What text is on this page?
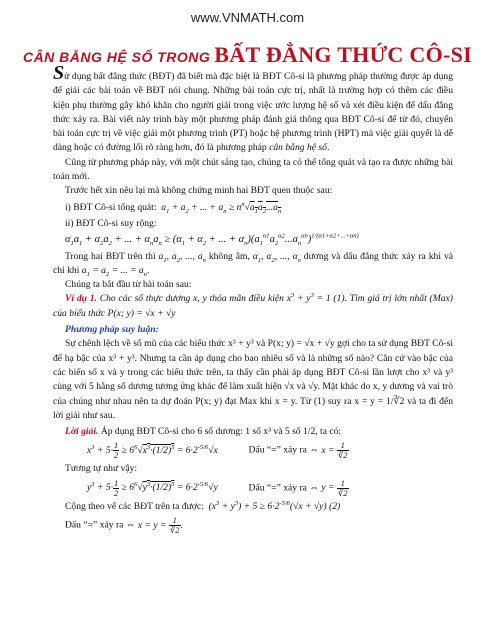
www.VNMATH.com
CÂN BẰNG HỆ SỐ TRONG BẤT ĐẲNG THỨC CÔ-SI

Sử dụng bất đẳng thức (BĐT) đã biết mà đặc biệt là BĐT Cô-si là phương pháp thường được áp dụng để giải các bài toán về BĐT nói chung. Những bài toán cực trị, nhất là trường hợp có thêm các điều kiện phụ thường gây khó khăn cho người giải trong việc ước lượng hệ số và xét điều kiện để dấu đẳng thức xảy ra. Bài viết này trình bày một phương pháp đánh giá thông qua BĐT Cô-si để từ đó, chuyển bài toán cực trị về việc giải một phương trình (PT) hoặc hệ phương trình (HPT) mà việc giải quyết là dễ dàng hoặc có đường lối rõ ràng hơn, đó là phương pháp cân bằng hệ số.

Cũng từ phương pháp này, với một chút sáng tạo, chúng ta có thể tổng quát và tạo ra được những bài toán mới.

Trước hết xin nêu lại mà không chứng minh hai BĐT quen thuộc sau:

i) BĐT Cô-si tổng quát:  $a_1 + a_2$ + ... + $a_n \ge n^n√a_1a_2...a_n$
ii) BĐT Cô-si suy rộng:
$\alpha_1a_1 + \alpha_2a_2$ + ... + $\alpha_na_n \ge (\alpha_1 + \alpha_2$ + ... + $\alpha_n)(a_1^{\alpha 1}a_2^{\alpha 2}...a_n^{\alpha n})^{1/(\alpha 1+\alpha 2+...+\alpha n)}$

Trong hai BĐT trên thì $a_1$, $a_2$, ..., $a_n$ không âm, $\alpha_1$, $\alpha_2$, ..., $\alpha_n$ dương và dấu đẳng thức xảy ra khi và chỉ khi $a_1 = a_2$ = ... = $a_n$.

Chúng ta bắt đầu từ bài toán sau:

Ví dụ 1. Cho các số thực dương x, y thỏa mãn điều kiện $x^3 + y^3 = 1$ (1). Tìm giá trị lớn nhất (Max) của biểu thức P(x; y) = √x + √y

Phương pháp suy luận:

Sự chênh lệch về số mũ của các biểu thức x³ + y³ và P(x; y) = √x + √y gợi cho ta sử dụng BĐT Cô-si để hạ bậc của x³ + y³. Nhưng ta cần áp dụng cho bao nhiêu số và là những số nào? Căn cứ vào bậc của các biến số x và y trong các biểu thức trên, ta thấy cần phải áp dụng BĐT Cô-si lần lượt cho x³ và y³ cùng với 5 hằng số dương tương ứng khác để làm xuất hiện √x và √y. Mặt khác do x, y dương và vai trò của chúng như nhau nên ta dự đoán P(x; y) đạt Max khi x = y. Từ (1) suy ra x = y = 1/∛2 và ta đi đến lời giải như sau.

Lời giải. Áp dụng BĐT Cô-si cho 6 số dương: 1 số x³ và 5 số 1/2, ta có:

$x^3 + 5\cdot \frac{1}{2} \ge 6^6√x^3\cdot(1/2)^5 = 6\cdot 2^{-5/6}√x$	Dấu “=” xảy ra ⇔ $x = \frac{1}{∛2}$

Tương tự như vậy:

$y^3 + 5\cdot \frac{1}{2} \ge 6^6√y^3\cdot(1/2)^5 = 6\cdot 2^{-5/6}√y$	Dấu “=” xảy ra ⇔ $y = \frac{1}{∛2}$
Cộng theo vế các BĐT trên ta được:  $(x^3 + y^3) + 5 \ge 6\cdot 2^{-5/6}(√x + √y)$ (2)
Dấu “=” xảy ra ⇔ $x = y = \frac{1}{∛2}$ .
